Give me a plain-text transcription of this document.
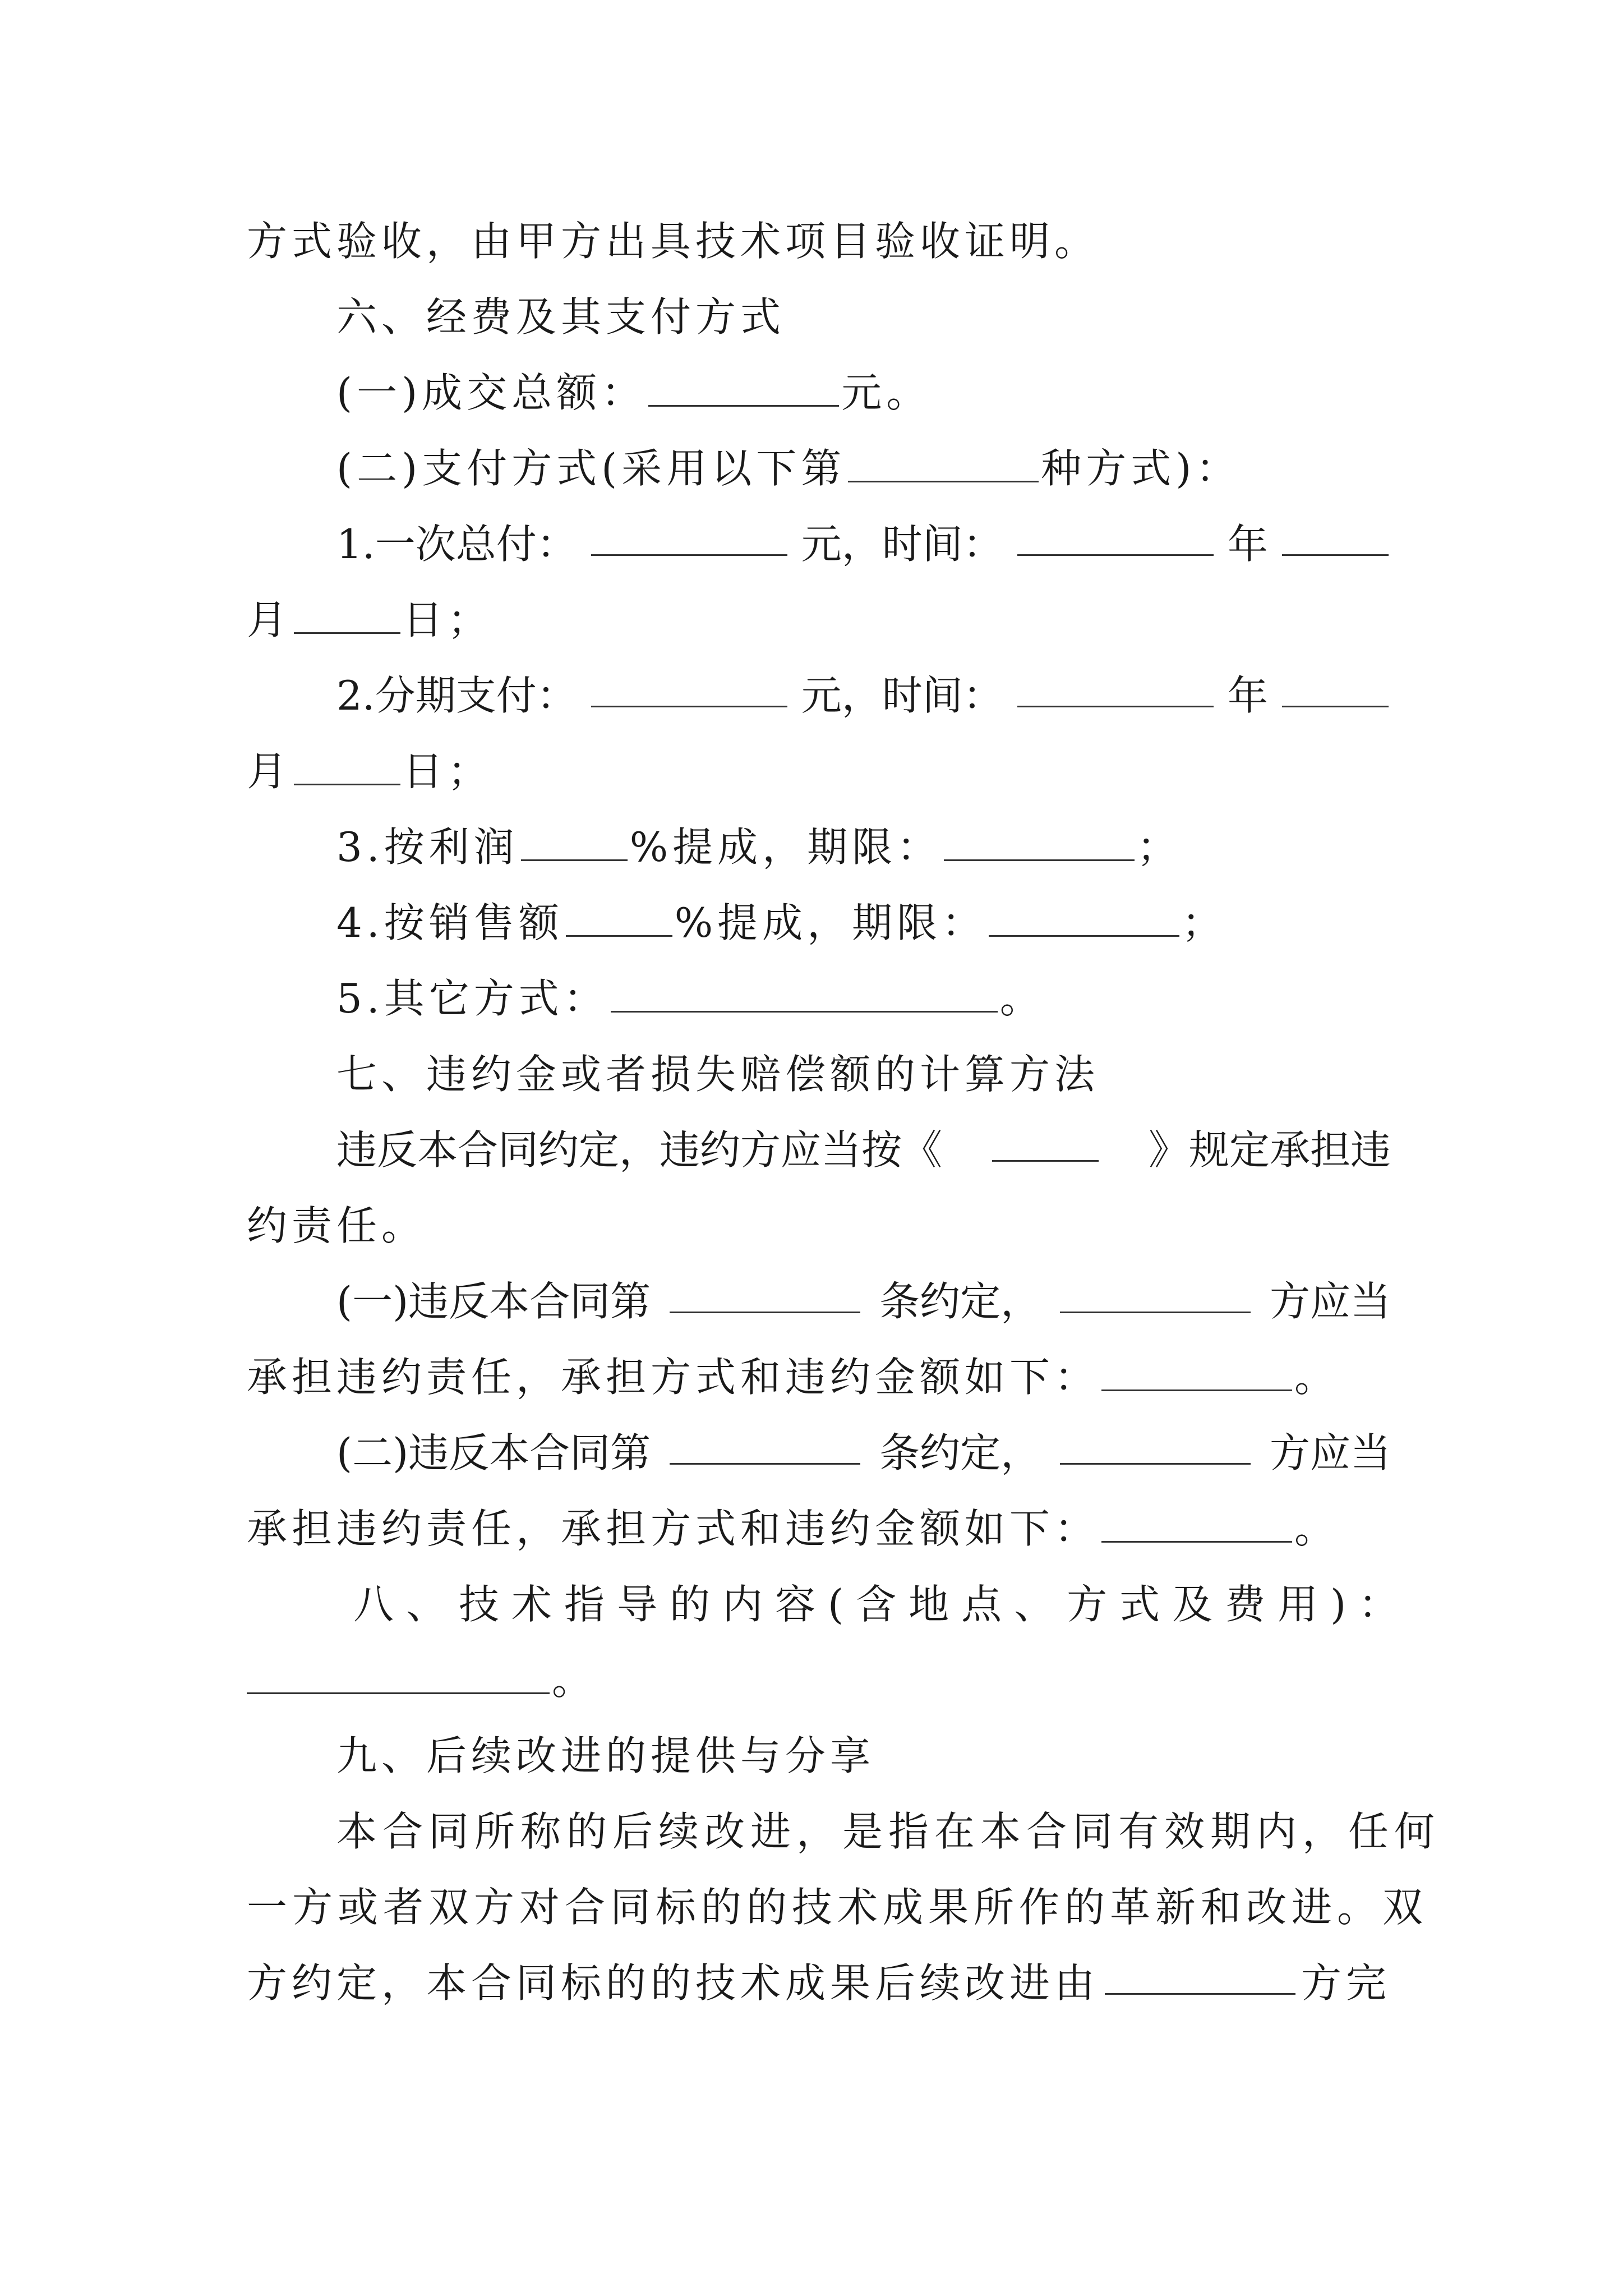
方式验收，由甲方出具技术项目验收证明。
六、经费及其支付方式
(一)成交总额：	元。
(二)支付方式(采用以下第	种方式)：
1.一次总付：	元，时间：	年
月	日；
2.分期支付：	元，时间：	年
月	日；
3.按利润	%提成，期限：	；
4.按销售额	%提成，期限：	；
5.其它方式：	。
七、违约金或者损失赔偿额的计算方法
违反本合同约定，违约方应当按《	》规定承担违
约责任。
(一)违反本合同第	条约定，	方应当
承担违约责任，承担方式和违约金额如下：	。
(二)违反本合同第	条约定，	方应当
承担违约责任，承担方式和违约金额如下：	。
八、技术指导的内容(含地点、方式及费用)：
。
九、后续改进的提供与分享
本合同所称的后续改进，是指在本合同有效期内，任何
一方或者双方对合同标的的技术成果所作的革新和改进。双
方约定，本合同标的的技术成果后续改进由	方完
